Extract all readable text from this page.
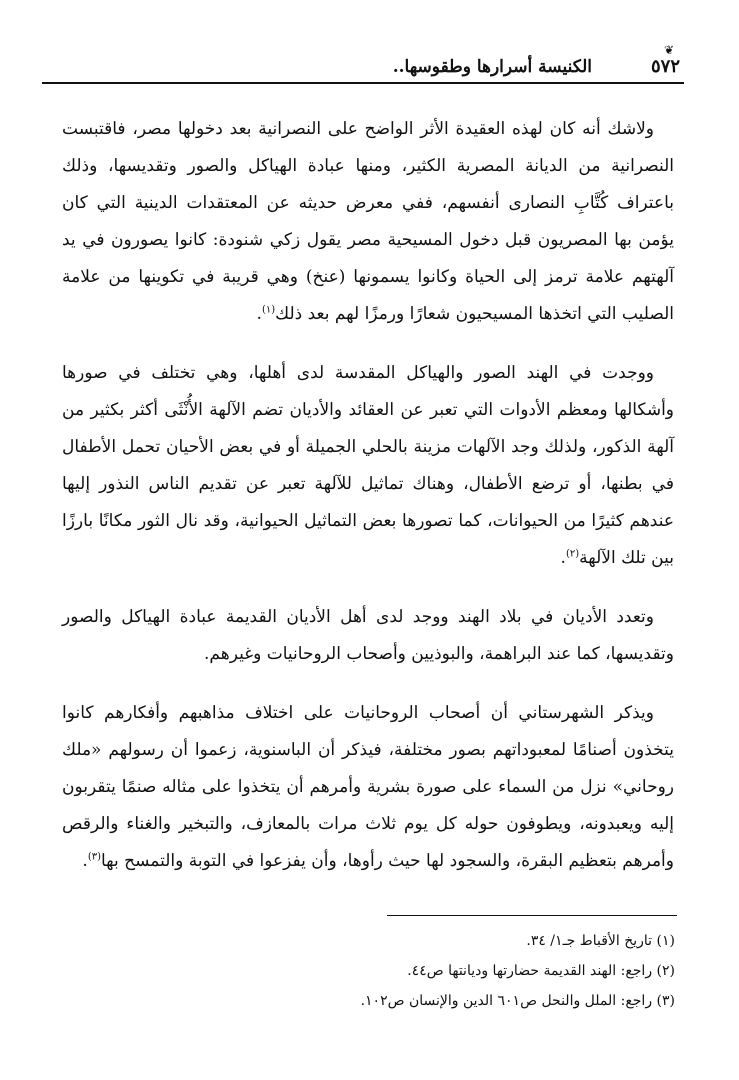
❦
٥٧٢
الكنيسة أسرارها وطقوسها..

ولاشك أنه كان لهذه العقيدة الأثر الواضح على النصرانية بعد دخولها مصر، فاقتبست النصرانية من الديانة المصرية الكثير، ومنها عبادة الهياكل والصور وتقديسها، وذلك باعتراف كُتَّابِ النصارى أنفسهم، ففي معرض حديثه عن المعتقدات الدينية التي كان يؤمن بها المصريون قبل دخول المسيحية مصر يقول زكي شنودة: كانوا يصورون في يد آلهتهم علامة ترمز إلى الحياة وكانوا يسمونها (عنخ) وهي قريبة في تكوينها من علامة الصليب التي اتخذها المسيحيون شعارًا ورمزًا لهم بعد ذلك$^{(١)}$.

ووجدت في الهند الصور والهياكل المقدسة لدى أهلها، وهي تختلف في صورها وأشكالها ومعظم الأدوات التي تعبر عن العقائد والأديان تضم الآلهة الأُنْثَى أكثر بكثير من آلهة الذكور، ولذلك وجد الآلهات مزينة بالحلي الجميلة أو في بعض الأحيان تحمل الأطفال في بطنها، أو ترضع الأطفال، وهناك تماثيل للآلهة تعبر عن تقديم الناس النذور إليها عندهم كثيرًا من الحيوانات، كما تصورها بعض التماثيل الحيوانية، وقد نال الثور مكانًا بارزًا بين تلك الآلهة$^{(٢)}$.

وتعدد الأديان في بلاد الهند ووجد لدى أهل الأديان القديمة عبادة الهياكل والصور وتقديسها، كما عند البراهمة، والبوذيين وأصحاب الروحانيات وغيرهم.

ويذكر الشهرستاني أن أصحاب الروحانيات على اختلاف مذاهبهم وأفكارهم كانوا يتخذون أصنامًا لمعبوداتهم بصور مختلفة، فيذكر أن الباسنوية، زعموا أن رسولهم «ملك روحاني» نزل من السماء على صورة بشرية وأمرهم أن يتخذوا على مثاله صنمًا يتقربون إليه ويعبدونه، ويطوفون حوله كل يوم ثلاث مرات بالمعازف، والتبخير والغناء والرقص وأمرهم بتعظيم البقرة، والسجود لها حيث رأوها، وأن يفزعوا في التوبة والتمسح بها$^{(٣)}$.

(١) تاريخ الأقباط جـ١/ ٣٤.
(٢) راجع: الهند القديمة حضارتها وديانتها ص٤٤.
(٣) راجع: الملل والنحل ص٦٠١ الدين والإنسان ص١٠٢.
